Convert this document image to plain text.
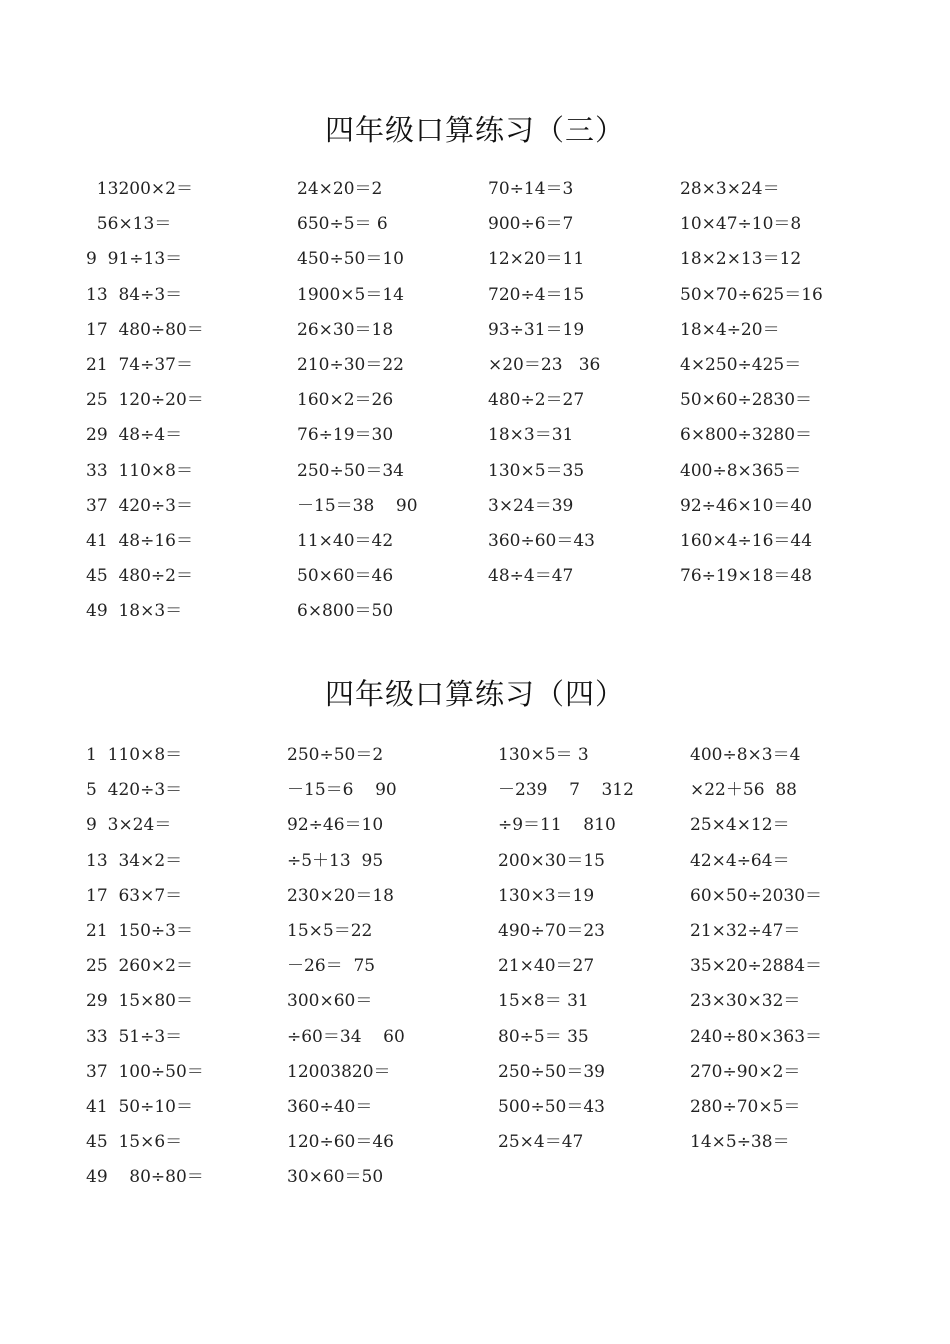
四年级口算练习（三）
13200×2＝	24×20＝2	70÷14＝3	28×3×24＝
56×13＝	650÷5＝ 6	900÷6＝7	10×47÷10＝8
9  91÷13＝	450÷50＝10	12×20＝11	18×2×13＝12
13  84÷3＝	1900×5＝14	720÷4＝15	50×70÷625＝16
17  480÷80＝	26×30＝18	93÷31＝19	18×4÷20＝
21  74÷37＝	210÷30＝22	×20＝23   36	4×250÷425＝
25  120÷20＝	160×2＝26	480÷2＝27	50×60÷2830＝
29  48÷4＝	76÷19＝30	18×3＝31	6×800÷3280＝
33  110×8＝	250÷50＝34	130×5＝35	400÷8×365＝
37  420÷3＝	－15＝38    90	3×24＝39	92÷46×10＝40
41  48÷16＝	11×40＝42	360÷60＝43	160×4÷16＝44
45  480÷2＝	50×60＝46	48÷4＝47	76÷19×18＝48
49  18×3＝	6×800＝50
四年级口算练习（四）
1  110×8＝	250÷50＝2	130×5＝ 3	400÷8×3＝4
5  420÷3＝	－15＝6    90	－239    7    312	×22＋56  88
9  3×24＝	92÷46＝10	÷9＝11    810	25×4×12＝
13  34×2＝	÷5＋13  95	200×30＝15	42×4÷64＝
17  63×7＝	230×20＝18	130×3＝19	60×50÷2030＝
21  150÷3＝	15×5＝22	490÷70＝23	21×32÷47＝
25  260×2＝	－26＝  75	21×40＝27	35×20÷2884＝
29  15×80＝	300×60＝	15×8＝ 31	23×30×32＝
33  51÷3＝	÷60＝34    60	80÷5＝ 35	240÷80×363＝
37  100÷50＝	12003820＝	250÷50＝39	270÷90×2＝
41  50÷10＝	360÷40＝	500÷50＝43	280÷70×5＝
45  15×6＝	120÷60＝46	25×4＝47	14×5÷38＝
49    80÷80＝	30×60＝50
